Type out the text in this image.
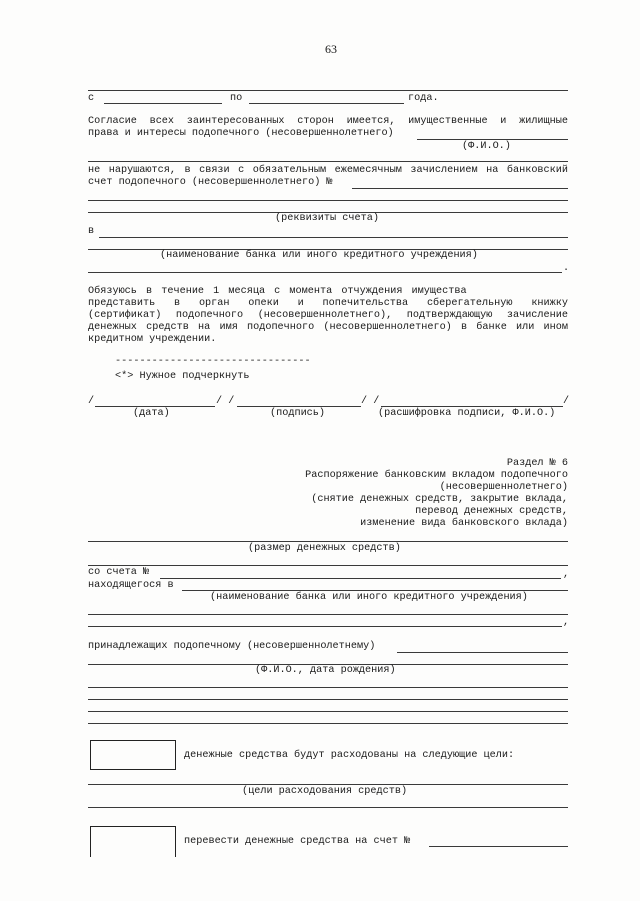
63
с	по	года.
Согласие всех заинтересованных сторон имеется, имущественные и жилищные
права и интересы подопечного (несовершеннолетнего)
(Ф.И.О.)
не нарушаются, в связи с обязательным ежемесячным зачислением на банковский
счет подопечного (несовершеннолетнего) №
(реквизиты счета)
в
(наименование банка или иного кредитного учреждения)
.
Обязуюсь в течение 1 месяца с момента отчуждения имущества
представить в орган опеки и попечительства сберегательную книжку
(сертификат) подопечного (несовершеннолетнего), подтверждающую зачисление
денежных средств на имя подопечного (несовершеннолетнего) в банке или ином
кредитном учреждении.
--------------------------------
<*> Нужное подчеркнуть
/	/ /	/ /	/
(дата)	(подпись)	(расшифровка подписи, Ф.И.О.)
Раздел № 6
Распоряжение банковским вкладом подопечного
(несовершеннолетнего)
(снятие денежных средств, закрытие вклада,
перевод денежных средств,
изменение вида банковского вклада)
(размер денежных средств)
со счета №	,
находящегося в
(наименование банка или иного кредитного учреждения)
,
принадлежащих подопечному (несовершеннолетнему)
(Ф.И.О., дата рождения)
денежные средства будут расходованы на следующие цели:
(цели расходования средств)
перевести денежные средства на счет №
